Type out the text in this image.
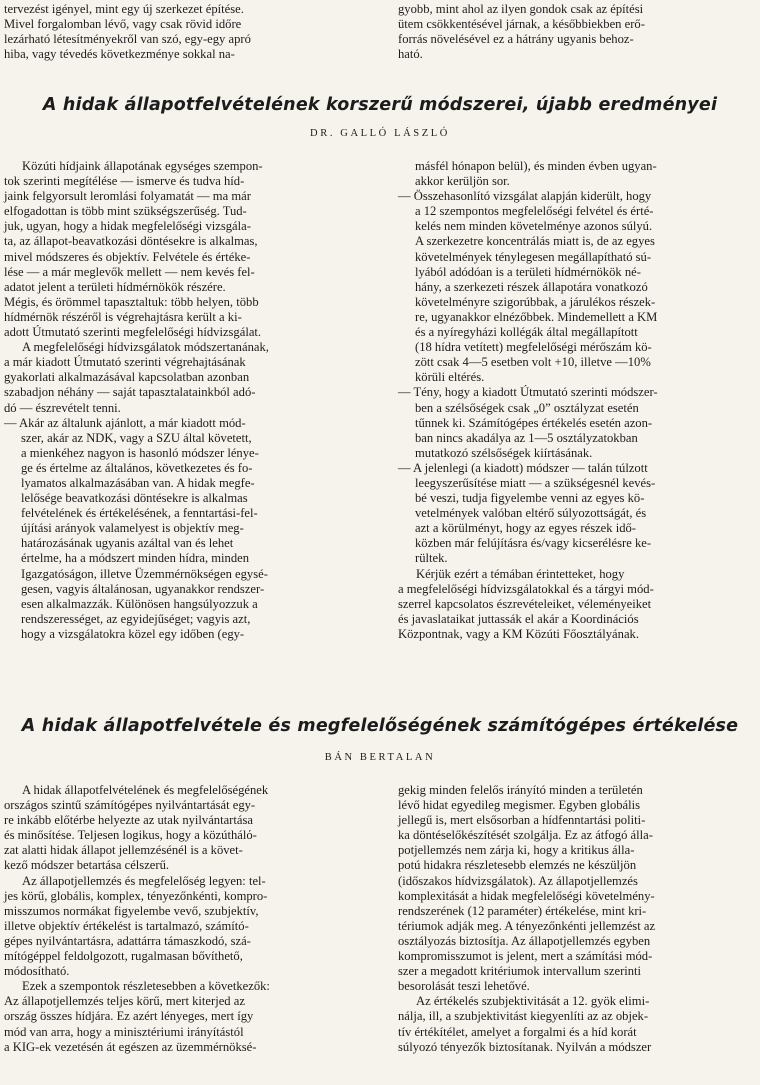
tervezést igényel, mint egy új szerkezet építése.
Mivel forgalomban lévő, vagy csak rövid időre
lezárható létesítményekről van szó, egy-egy apró
hiba, vagy tévedés következménye sokkal na-

gyobb, mint ahol az ilyen gondok csak az építési
ütem csökkentésével járnak, a későbbiekben erő-
forrás növelésével ez a hátrány ugyanis behoz-
ható.

A hidak állapotfelvételének korszerű módszerei, újabb eredményei
DR. GALLÓ LÁSZLÓ
Közúti hídjaink állapotának egységes szempon-
tok szerinti megítélése — ismerve és tudva híd-
jaink felgyorsult leromlási folyamatát — ma már
elfogadottan is több mint szükségszerűség. Tud-
juk, ugyan, hogy a hidak megfelelőségi vizsgála-
ta, az állapot-beavatkozási döntésekre is alkalmas,
mivel módszeres és objektív. Felvétele és értéke-
lése — a már meglevők mellett — nem kevés fel-
adatot jelent a területi hídmérnökök részére.
Mégis, és örömmel tapasztaltuk: több helyen, több
hídmérnök részéről is végrehajtásra került a ki-
adott Útmutató szerinti megfelelőségi hídvizsgálat.
A megfelelőségi hídvizsgálatok módszertanának,
a már kiadott Útmutató szerinti végrehajtásának
gyakorlati alkalmazásával kapcsolatban azonban
szabadjon néhány — saját tapasztalatainkból adó-
dó — észrevételt tenni.
— Akár az általunk ajánlott, a már kiadott mód-
szer, akár az NDK, vagy a SZU által követett,
a mienkéhez nagyon is hasonló módszer lénye-
ge és értelme az általános, következetes és fo-
lyamatos alkalmazásában van. A hidak megfe-
lelősége beavatkozási döntésekre is alkalmas
felvételének és értékelésének, a fenntartási-fel-
újítási arányok valamelyest is objektív meg-
határozásának ugyanis azáltal van és lehet
értelme, ha a módszert minden hídra, minden
Igazgatóságon, illetve Üzemmérnökségen egysé-
gesen, vagyis általánosan, ugyanakkor rendszer-
esen alkalmazzák. Különösen hangsúlyozzuk a
rendszerességet, az egyidejűséget; vagyis azt,
hogy a vizsgálatokra közel egy időben (egy-
másfél hónapon belül), és minden évben ugyan-
akkor kerüljön sor.
— Összehasonlító vizsgálat alapján kiderült, hogy
a 12 szempontos megfelelőségi felvétel és érté-
kelés nem minden követelménye azonos súlyú.
A szerkezetre koncentrálás miatt is, de az egyes
követelmények ténylegesen megállapítható sú-
lyából adódóan is a területi hídmérnökök né-
hány, a szerkezeti részek állapotára vonatkozó
követelményre szigorúbbak, a járulékos részek-
re, ugyanakkor elnézőbbek. Mindemellett a KM
és a nyíregyházi kollégák által megállapított
(18 hídra vetített) megfelelőségi mérőszám kö-
zött csak 4—5 esetben volt +10, illetve —10%
körüli eltérés.
— Tény, hogy a kiadott Útmutató szerinti módszer-
ben a szélsőségek csak „0” osztályzat esetén
tűnnek ki. Számítógépes értékelés esetén azon-
ban nincs akadálya az 1—5 osztályzatokban
mutatkozó szélsőségek kiírtásának.
— A jelenlegi (a kiadott) módszer — talán túlzott
leegyszerűsítése miatt — a szükségesnél kevés-
bé veszi, tudja figyelembe venni az egyes kö-
vetelmények valóban eltérő súlyozottságát, és
azt a körülményt, hogy az egyes részek idő-
közben már felújításra és/vagy kicserélésre ke-
rültek.
Kérjük ezért a témában érintetteket, hogy
a megfelelőségi hídvizsgálatokkal és a tárgyi mód-
szerrel kapcsolatos észrevételeiket, véleményeiket
és javaslataikat juttassák el akár a Koordinációs
Központnak, vagy a KM Közúti Főosztályának.
A hidak állapotfelvétele és megfelelőségének számítógépes értékelése
BÁN BERTALAN
A hidak állapotfelvételének és megfelelőségének
országos szintű számítógépes nyilvántartását egy-
re inkább előtérbe helyezte az utak nyilvántartása
és minősítése. Teljesen logikus, hogy a közúthálό-
zat alatti hidak állapot jellemzésénél is a követ-
kező módszer betartása célszerű.
Az állapotjellemzés és megfelelőség legyen: tel-
jes körű, globális, komplex, tényezőnkénti, kompro-
misszumos normákat figyelembe vevő, szubjektív,
illetve objektív értékelést is tartalmazó, számító-
gépes nyilvántartásra, adattárra támaszkodó, szá-
mítógéppel feldolgozott, rugalmasan bővíthető,
módosítható.
Ezek a szempontok részletesebben a következők:
Az állapotjellemzés teljes körű, mert kiterjed az
ország összes hídjára. Ez azért lényeges, mert így
mód van arra, hogy a minisztériumi irányítástól
a KIG-ek vezetésén át egészen az üzemmérnöksé-
gekig minden felelős irányító minden a területén
lévő hidat egyedileg megismer. Egyben globális
jellegű is, mert elsősorban a hídfenntartási politi-
ka döntéselőkészítését szolgálja. Ez az átfogó álla-
potjellemzés nem zárja ki, hogy a kritikus álla-
potú hidakra részletesebb elemzés ne készüljön
(időszakos hídvizsgálatok). Az állapotjellemzés
komplexitását a hidak megfelelőségi követelmény-
rendszerének (12 paraméter) értékelése, mint kri-
tériumok adják meg. A tényezőnkénti jellemzést az
osztályozás biztosítja. Az állapotjellemzés egyben
kompromisszumot is jelent, mert a számítási mód-
szer a megadott kritériumok intervallum szerinti
besorolását teszi lehetővé.
Az értékelés szubjektivitását a 12. gyök elimi-
nálja, ill, a szubjektivitást kiegyenlíti az az objek-
tív értékítélet, amelyet a forgalmi és a híd korát
súlyozó tényezők biztosítanak. Nyilván a módszer
